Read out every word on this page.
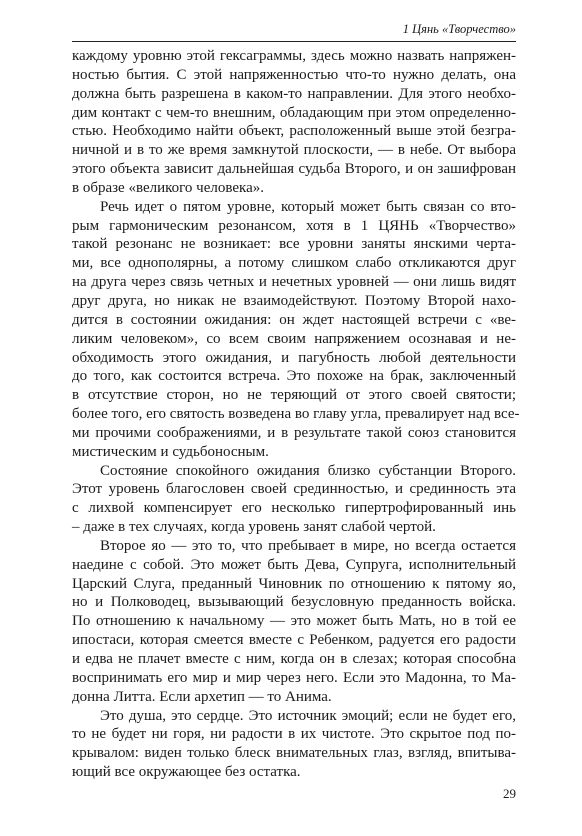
1 Цянь «Творчество»
каждому уровню этой гексаграммы, здесь можно назвать напряжен-
ностью бытия. С этой напряженностью что-то нужно делать, она
должна быть разрешена в каком-то направлении. Для этого необхо-
дим контакт с чем-то внешним, обладающим при этом определенно-
стью. Необходимо найти объект, расположенный выше этой безгра-
ничной и в то же время замкнутой плоскости, — в небе. От выбора
этого объекта зависит дальнейшая судьба Второго, и он зашифрован
в образе «великого человека».
Речь идет о пятом уровне, который может быть связан со вто-
рым гармоническим резонансом, хотя в 1 ЦЯНЬ «Творчество»
такой резонанс не возникает: все уровни заняты янскими черта-
ми, все однополярны, а потому слишком слабо откликаются друг
на друга через связь четных и нечетных уровней — они лишь видят
друг друга, но никак не взаимодействуют. Поэтому Второй нахо-
дится в состоянии ожидания: он ждет настоящей встречи с «ве-
ликим человеком», со всем своим напряжением осознавая и не-
обходимость этого ожидания, и пагубность любой деятельности
до того, как состоится встреча. Это похоже на брак, заключенный
в отсутствие сторон, но не теряющий от этого своей святости;
более того, его святость возведена во главу угла, превалирует над все-
ми прочими соображениями, и в результате такой союз становится
мистическим и судьбоносным.
Состояние спокойного ожидания близко субстанции Второго.
Этот уровень благословен своей срединностью, и срединность эта
с лихвой компенсирует его несколько гипертрофированный инь
– даже в тех случаях, когда уровень занят слабой чертой.
Второе яо — это то, что пребывает в мире, но всегда остается
наедине с собой. Это может быть Дева, Супруга, исполнительный
Царский Слуга, преданный Чиновник по отношению к пятому яо,
но и Полководец, вызывающий безусловную преданность войска.
По отношению к начальному — это может быть Мать, но в той ее
ипостаси, которая смеется вместе с Ребенком, радуется его радости
и едва не плачет вместе с ним, когда он в слезах; которая способна
воспринимать его мир и мир через него. Если это Мадонна, то Ма-
донна Литта. Если архетип — то Анима.
Это душа, это сердце. Это источник эмоций; если не будет его,
то не будет ни горя, ни радости в их чистоте. Это скрытое под по-
крывалом: виден только блеск внимательных глаз, взгляд, впитыва-
ющий все окружающее без остатка.
29
